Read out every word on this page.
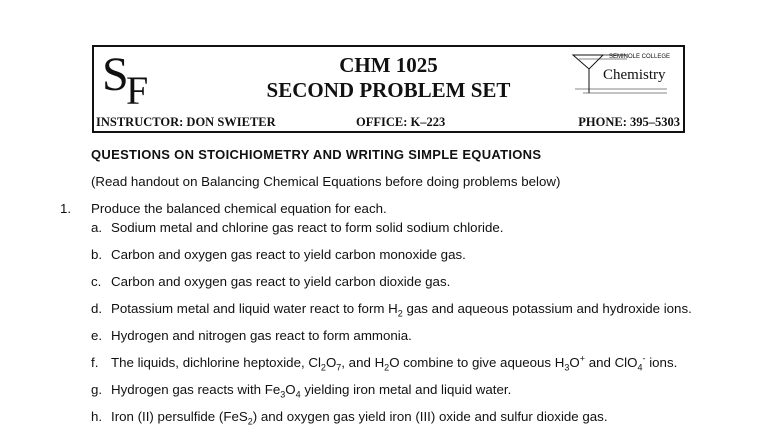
S
F
CHM 1025
SECOND PROBLEM SET
SEMINOLE COLLEGE
Chemistry
INSTRUCTOR: DON SWIETER	OFFICE: K–223	PHONE: 395–5303
QUESTIONS ON STOICHIOMETRY AND WRITING SIMPLE EQUATIONS
(Read handout on Balancing Chemical Equations before doing problems below)
1. Produce the balanced chemical equation for each.
a. Sodium metal and chlorine gas react to form solid sodium chloride.
b. Carbon and oxygen gas react to yield carbon monoxide gas.
c. Carbon and oxygen gas react to yield carbon dioxide gas.
d. Potassium metal and liquid water react to form $H_2$ gas and aqueous potassium and hydroxide ions.
e. Hydrogen and nitrogen gas react to form ammonia.
f. The liquids, dichlorine heptoxide, $Cl_2O_7$, and $H_2O$ combine to give aqueous $H_3O^+$ and ClO$_4$- ions.
g. Hydrogen gas reacts with $Fe_3O_4$ yielding iron metal and liquid water.
h. Iron (II) persulfide (FeS$_2$) and oxygen gas yield iron (III) oxide and sulfur dioxide gas.
